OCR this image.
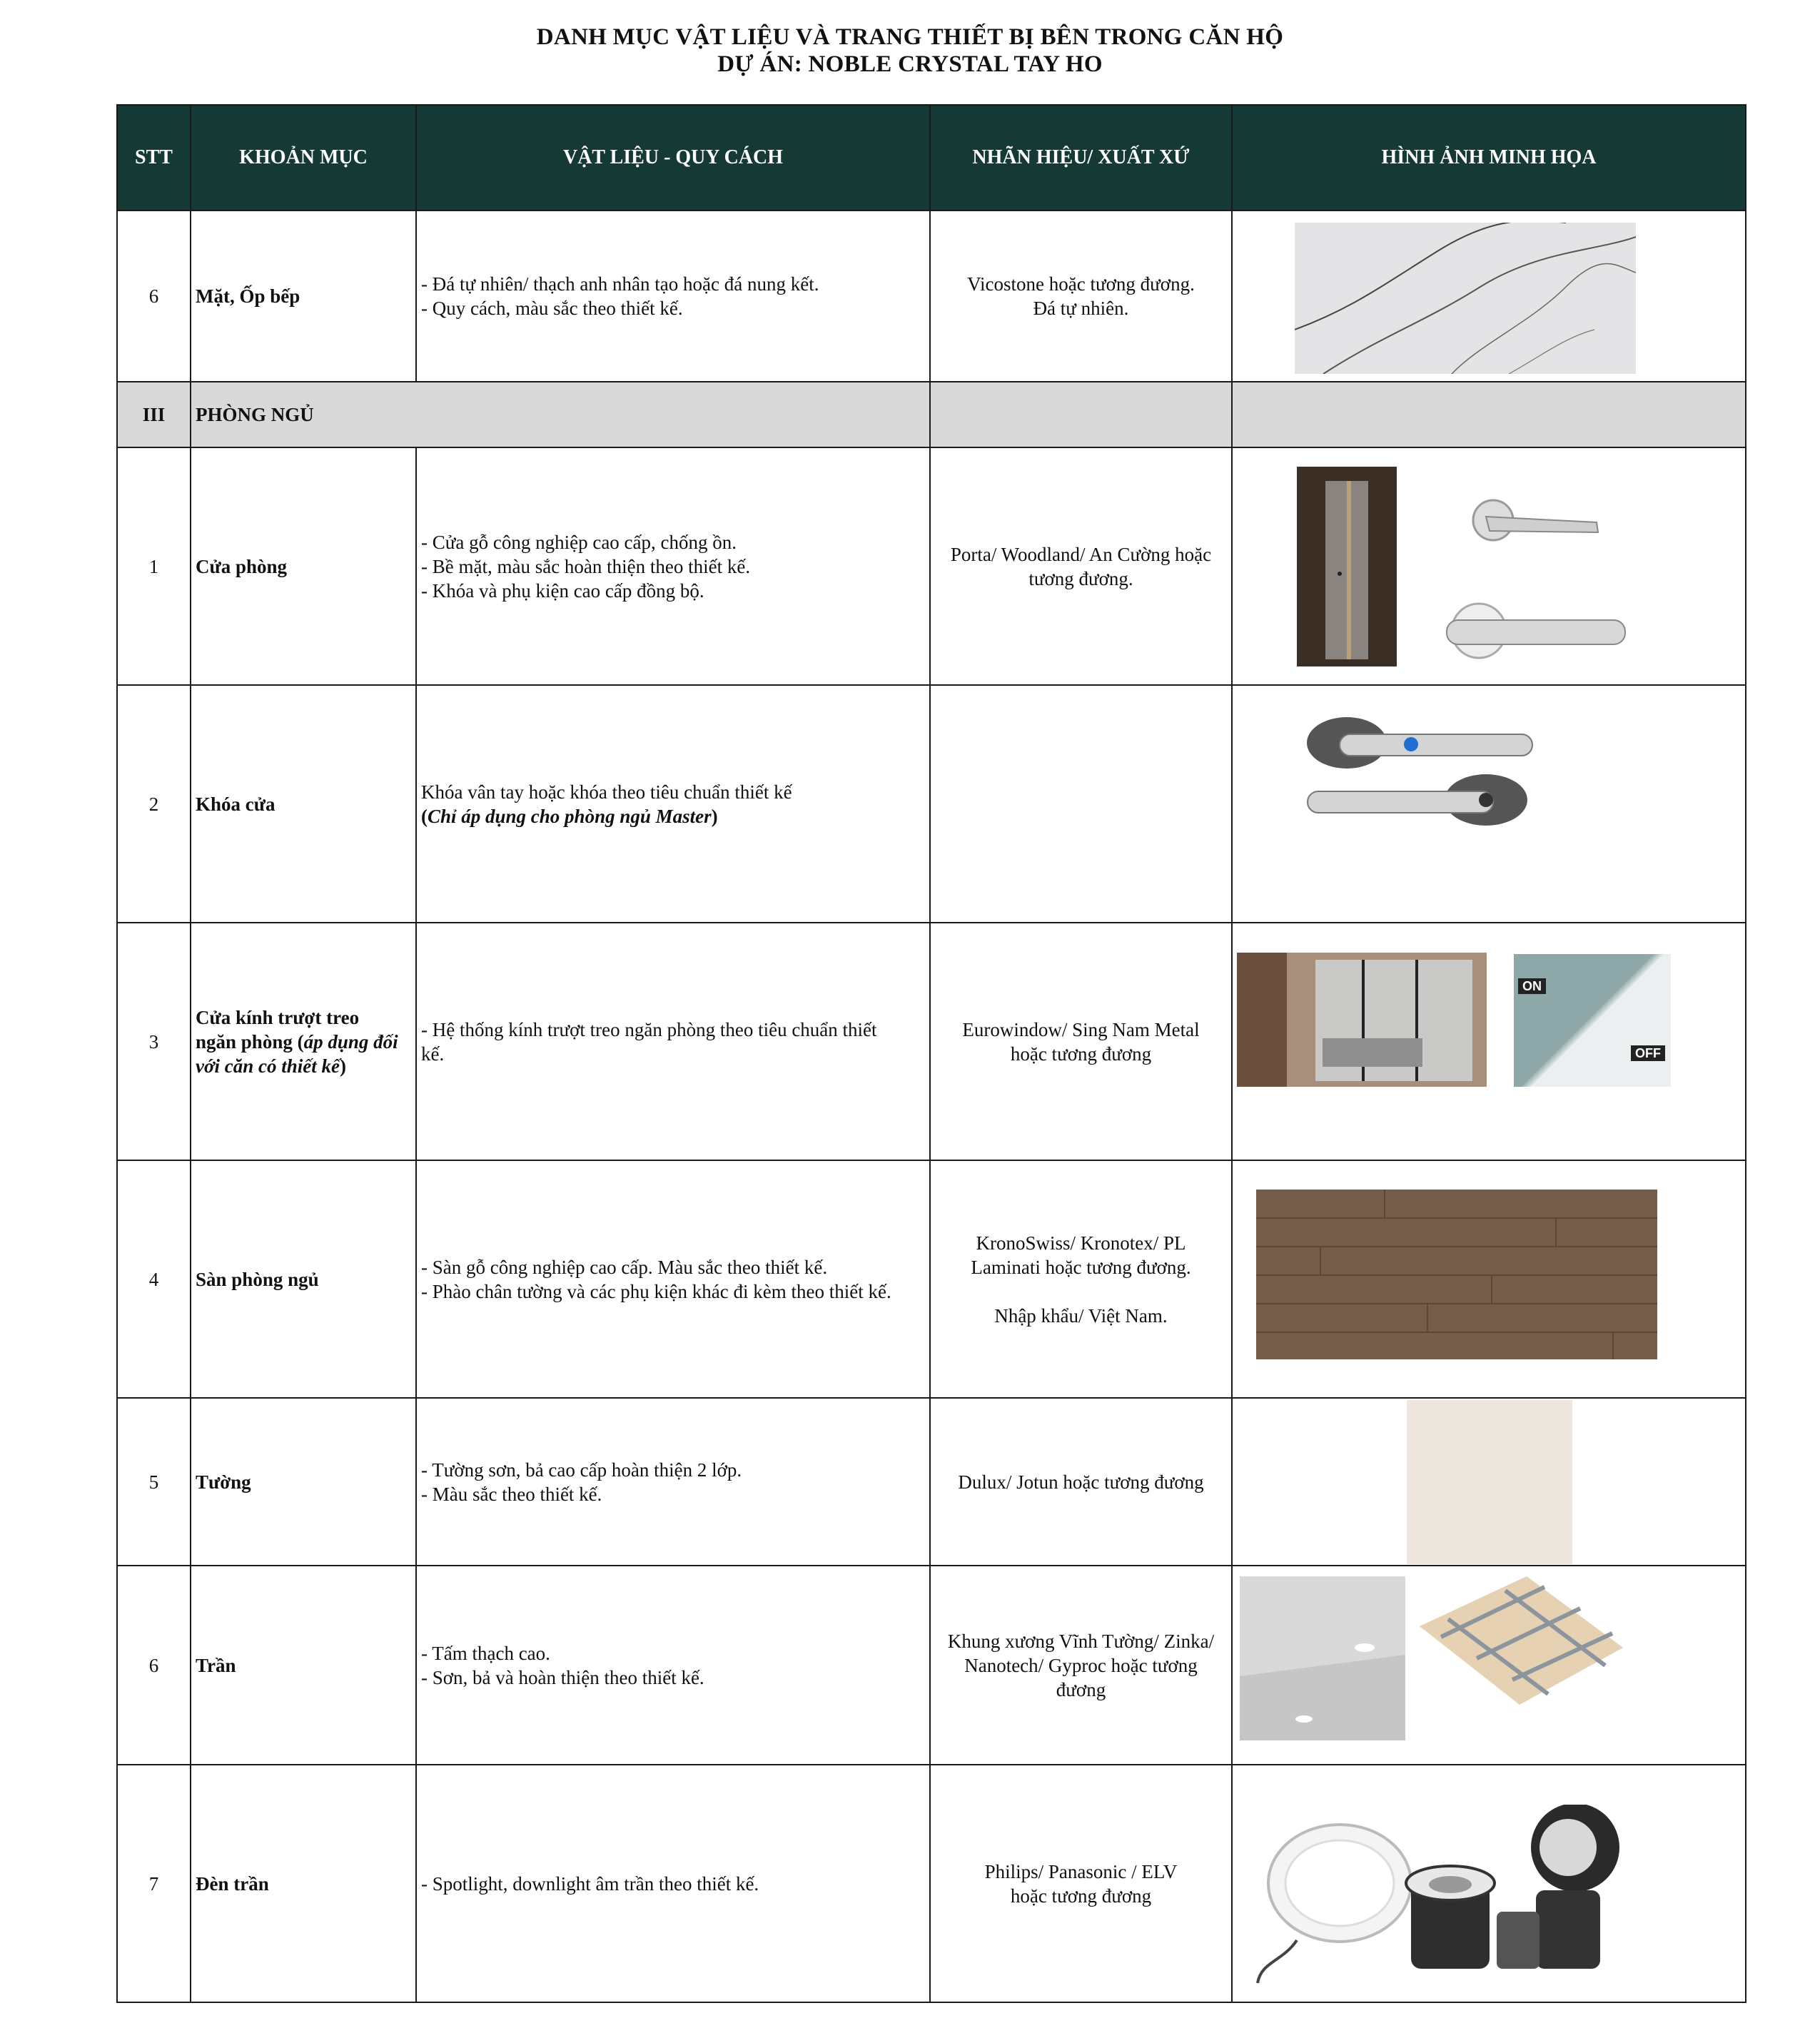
DANH MỤC VẬT LIỆU VÀ TRANG THIẾT BỊ BÊN TRONG CĂN HỘ
DỰ ÁN: NOBLE CRYSTAL TAY HO
STT	KHOẢN MỤC	VẬT LIỆU - QUY CÁCH	NHÃN HIỆU/ XUẤT XỨ	HÌNH ẢNH MINH HỌA
6	Mặt, Ốp bếp	- Đá tự nhiên/ thạch anh nhân tạo hoặc đá nung kết.
- Quy cách, màu sắc theo thiết kế.	Vicostone hoặc tương đương.
Đá tự nhiên.

III	PHÒNG NGỦ			
1	Cửa phòng	- Cửa gỗ công nghiệp cao cấp, chống ồn.
- Bề mặt, màu sắc hoàn thiện theo thiết kế.
- Khóa và phụ kiện cao cấp đồng bộ.	Porta/ Woodland/ An Cường hoặc
tương đương.

2	Khóa cửa	Khóa vân tay hoặc khóa theo tiêu chuẩn thiết kế
(Chỉ áp dụng cho phòng ngủ Master)

3	Cửa kính trượt treo
ngăn phòng (áp dụng đối
với căn có thiết kế)	- Hệ thống kính trượt treo ngăn phòng theo tiêu chuẩn thiết
kế.	Eurowindow/ Sing Nam Metal
hoặc tương đương	ON
OFF

4	Sàn phòng ngủ	- Sàn gỗ công nghiệp cao cấp. Màu sắc theo thiết kế.
- Phào chân tường và các phụ kiện khác đi kèm theo thiết kế.	KronoSwiss/ Kronotex/ PL
Laminati hoặc tương đương.
Nhập khẩu/ Việt Nam.

5	Tường	- Tường sơn, bả cao cấp hoàn thiện 2 lớp.
- Màu sắc theo thiết kế.	Dulux/ Jotun hoặc tương đương	

6	Trần	- Tấm thạch cao.
- Sơn, bả và hoàn thiện theo thiết kế.	Khung xương Vĩnh Tường/ Zinka/
Nanotech/ Gyproc hoặc tương
đương

7	Đèn trần	- Spotlight, downlight âm trần theo thiết kế.	Philips/ Panasonic / ELV
hoặc tương đương
